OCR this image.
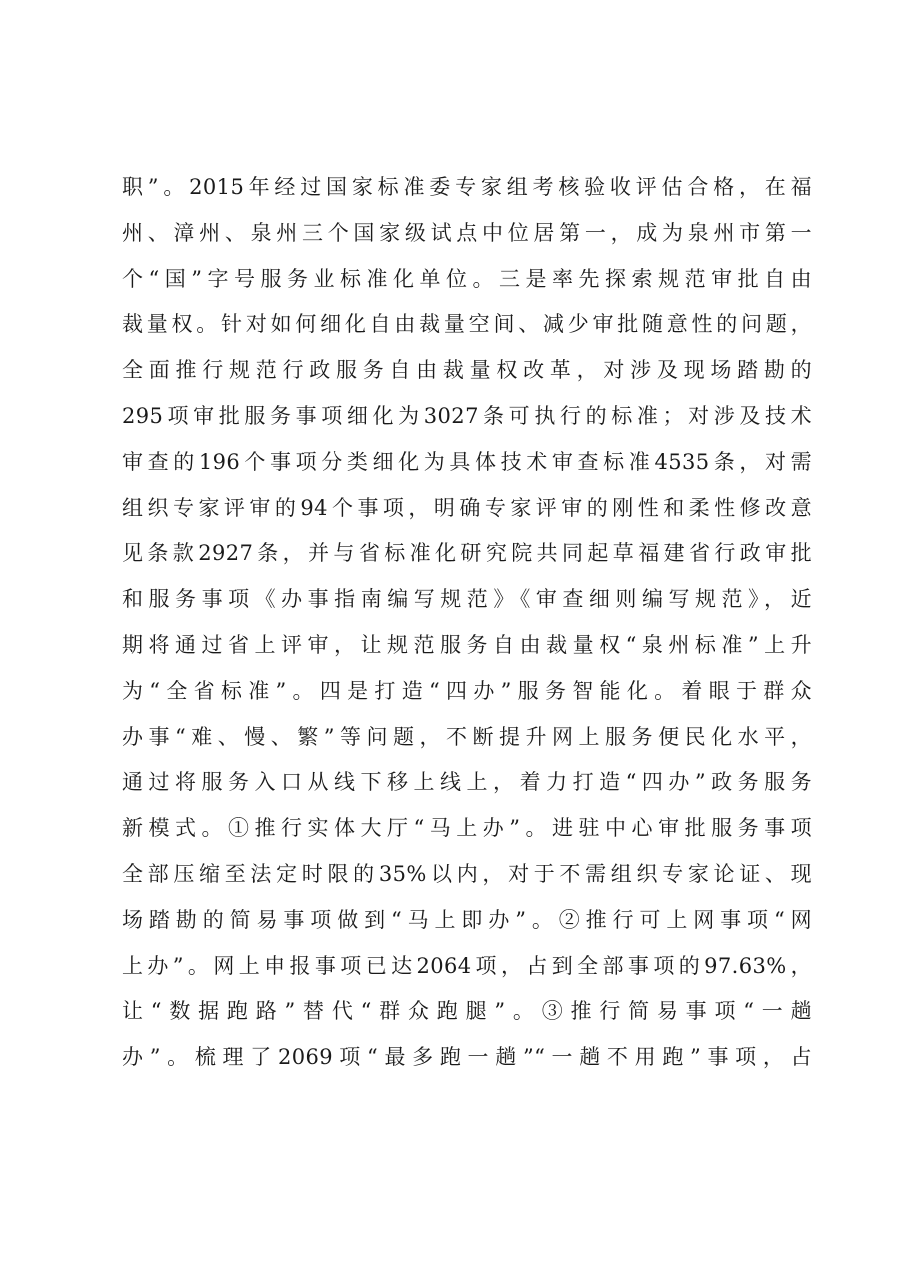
职”。2015年经过国家标准委专家组考核验收评估合格，在福
州、漳州、泉州三个国家级试点中位居第一，成为泉州市第一
个“国”字号服务业标准化单位。三是率先探索规范审批自由
裁量权。针对如何细化自由裁量空间、减少审批随意性的问题，
全面推行规范行政服务自由裁量权改革，对涉及现场踏勘的
295项审批服务事项细化为3027条可执行的标准；对涉及技术
审查的196个事项分类细化为具体技术审查标准4535条，对需
组织专家评审的94个事项，明确专家评审的刚性和柔性修改意
见条款2927条，并与省标准化研究院共同起草福建省行政审批
和服务事项《办事指南编写规范》《审查细则编写规范》，近
期将通过省上评审，让规范服务自由裁量权“泉州标准”上升
为“全省标准”。四是打造“四办”服务智能化。着眼于群众
办事“难、慢、繁”等问题，不断提升网上服务便民化水平，
通过将服务入口从线下移上线上，着力打造“四办”政务服务
新模式。①推行实体大厅“马上办”。进驻中心审批服务事项
全部压缩至法定时限的35%以内，对于不需组织专家论证、现
场踏勘的简易事项做到“马上即办”。②推行可上网事项“网
上办”。网上申报事项已达2064项，占到全部事项的97.63%，
让“数据跑路”替代“群众跑腿”。③推行简易事项“一趟
办”。梳理了2069项“最多跑一趟”“一趟不用跑”事项，占
